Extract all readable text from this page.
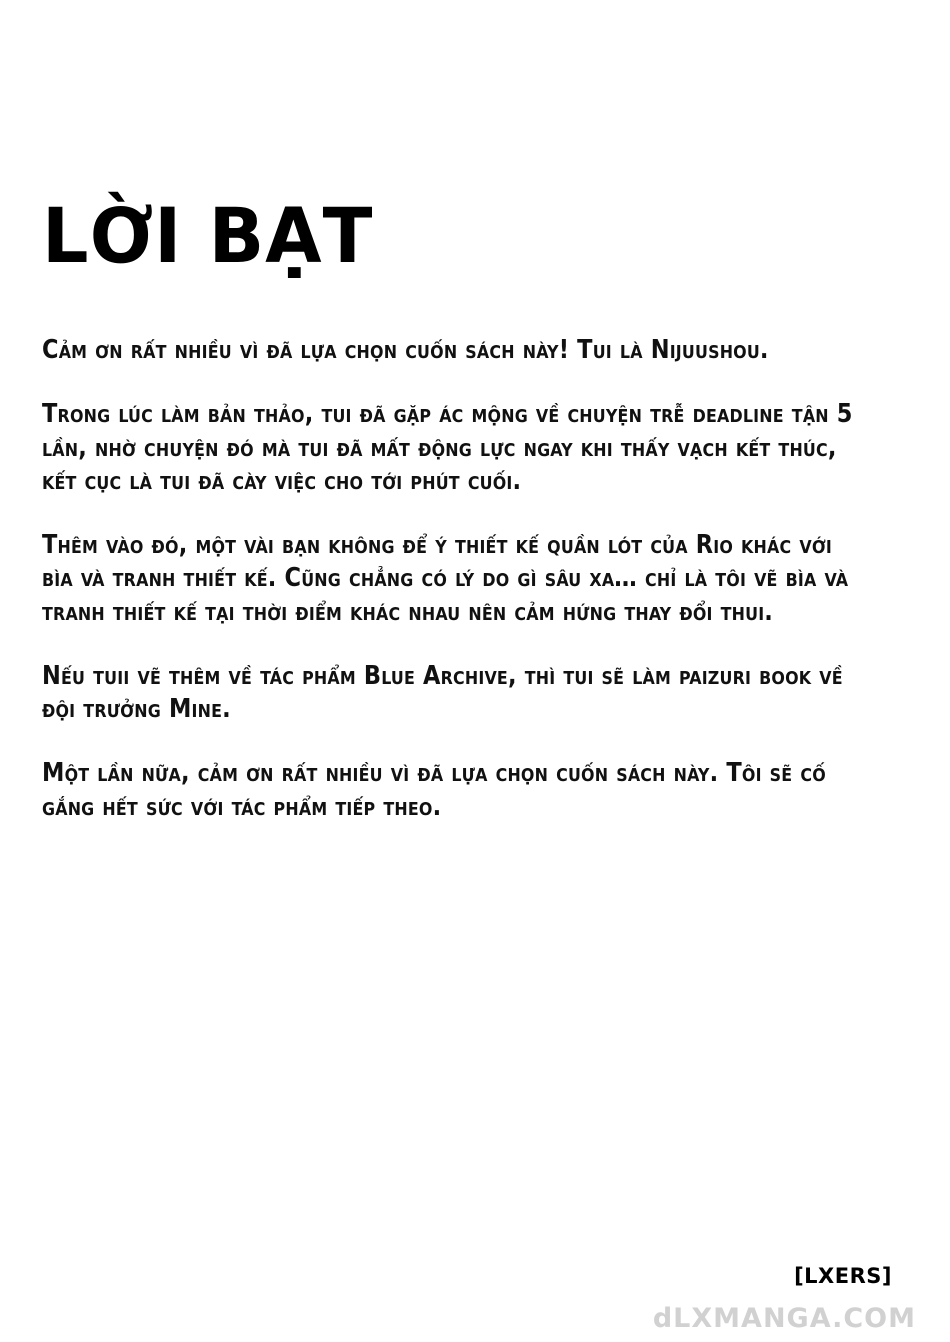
LỜI BẠT

Cảm ơn rất nhiều vì đã lựa chọn cuốn sách này! Tui là Nijuushou.

Trong lúc làm bản thảo, tui đã gặp ác mộng về chuyện trễ deadline tận 5 lần, nhờ chuyện đó mà tui đã mất động lực ngay khi thấy vạch kết thúc, kết cục là tui đã cày việc cho tới phút cuối.

Thêm vào đó, một vài bạn không để ý thiết kế quần lót của Rio khác với bìa và tranh thiết kế. Cũng chẳng có lý do gì sâu xa… chỉ là tôi vẽ bìa và tranh thiết kế tại thời điểm khác nhau nên cảm hứng thay đổi thui.

Nếu tuii vẽ thêm về tác phẩm Blue Archive, thì tui sẽ làm paizuri book về đội trưởng Mine.

Một lần nữa, cảm ơn rất nhiều vì đã lựa chọn cuốn sách này. Tôi sẽ cố gắng hết sức với tác phẩm tiếp theo.

[LXERS]
dLXMANGA.COM
